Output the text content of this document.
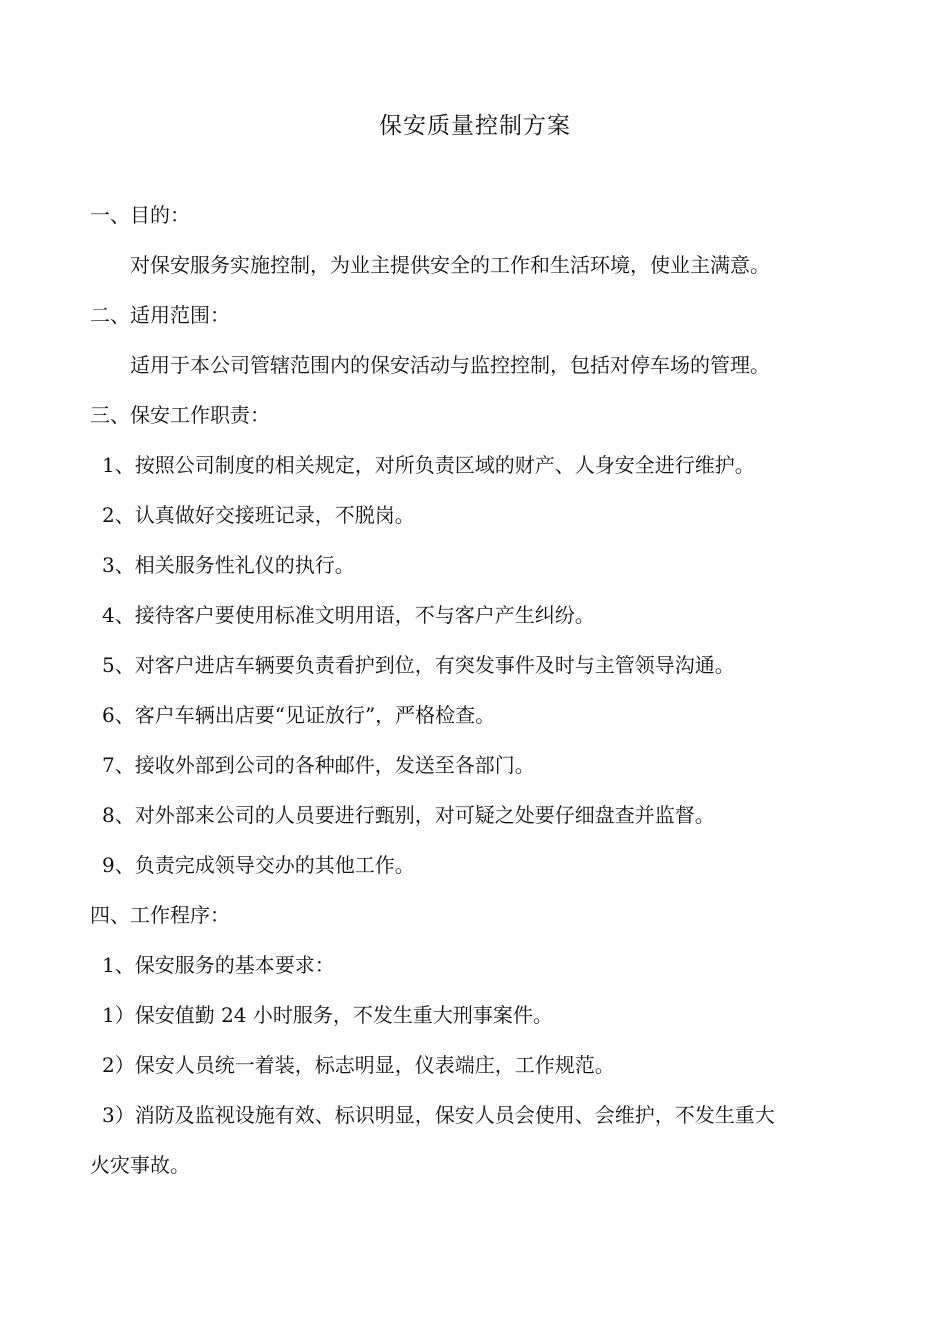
保安质量控制方案
一、目的：
对保安服务实施控制，为业主提供安全的工作和生活环境，使业主满意。
二、适用范围：
适用于本公司管辖范围内的保安活动与监控控制，包括对停车场的管理。
三、保安工作职责：
1、按照公司制度的相关规定，对所负责区域的财产、人身安全进行维护。
2、认真做好交接班记录，不脱岗。
3、相关服务性礼仪的执行。
4、接待客户要使用标准文明用语，不与客户产生纠纷。
5、对客户进店车辆要负责看护到位，有突发事件及时与主管领导沟通。
6、客户车辆出店要“见证放行”，严格检查。
7、接收外部到公司的各种邮件，发送至各部门。
8、对外部来公司的人员要进行甄别，对可疑之处要仔细盘查并监督。
9、负责完成领导交办的其他工作。
四、工作程序：
1、保安服务的基本要求：
1）保安值勤 24 小时服务，不发生重大刑事案件。
2）保安人员统一着装，标志明显，仪表端庄，工作规范。
3）消防及监视设施有效、标识明显，保安人员会使用、会维护，不发生重大
火灾事故。
